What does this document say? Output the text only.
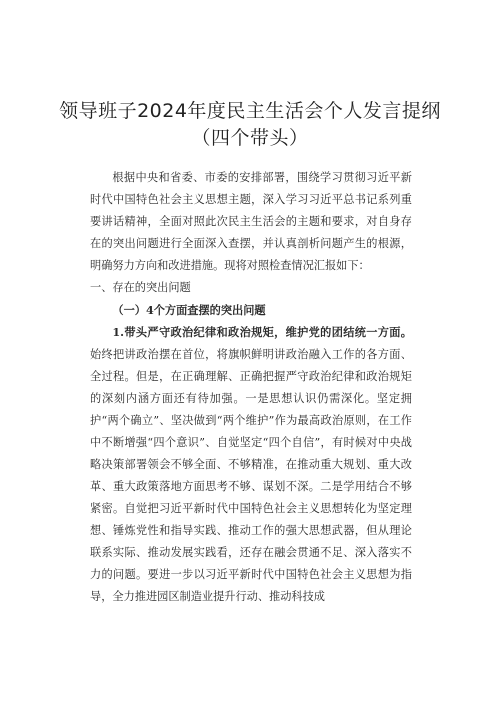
领导班子2024年度民主生活会个人发言提纲
（四个带头）

根据中央和省委、市委的安排部署，围绕学习贯彻习近平新时代中国特色社会主义思想主题，深入学习习近平总书记系列重要讲话精神，全面对照此次民主生活会的主题和要求，对自身存在的突出问题进行全面深入查摆，并认真剖析问题产生的根源，明确努力方向和改进措施。现将对照检查情况汇报如下：

一、存在的突出问题

（一）4个方面查摆的突出问题

1.带头严守政治纪律和政治规矩，维护党的团结统一方面。始终把讲政治摆在首位，将旗帜鲜明讲政治融入工作的各方面、全过程。但是，在正确理解、正确把握严守政治纪律和政治规矩的深刻内涵方面还有待加强。一是思想认识仍需深化。坚定拥护“两个确立”、坚决做到“两个维护”作为最高政治原则，在工作中不断增强“四个意识”、自觉坚定“四个自信”，有时候对中央战略决策部署领会不够全面、不够精准，在推动重大规划、重大改革、重大政策落地方面思考不够、谋划不深。二是学用结合不够紧密。自觉把习近平新时代中国特色社会主义思想转化为坚定理想、锤炼党性和指导实践、推动工作的强大思想武器，但从理论联系实际、推动发展实践看，还存在融会贯通不足、深入落实不力的问题。要进一步以习近平新时代中国特色社会主义思想为指导，全力推进园区制造业提升行动、推动科技成
